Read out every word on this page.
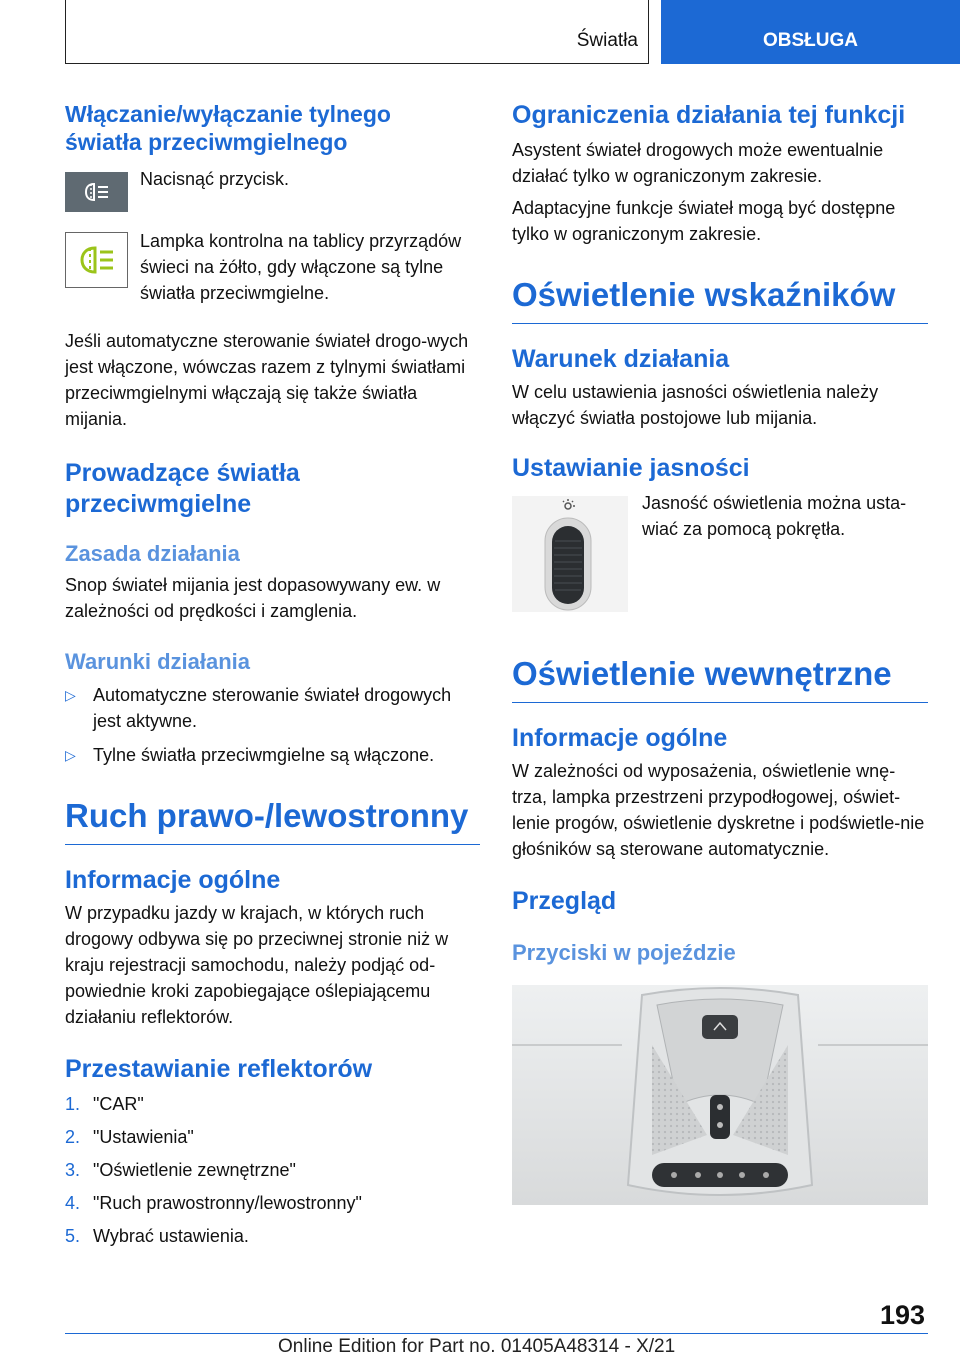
Światła	OBSŁUGA
Włączanie/wyłączanie tylnego
światła przeciwmgielnego

Nacisnąć przycisk.

Lampka kontrolna na tablicy przyrządów świeci na żółto, gdy włączone są tylne światła przeciwmgielne.

Jeśli automatyczne sterowanie świateł drogo-wych jest włączone, wówczas razem z tylnymi światłami przeciwmgielnymi włączają się także światła mijania.

Prowadzące światła
przeciwmgielne
Zasada działania

Snop świateł mijania jest dopasowywany ew. w zależności od prędkości i zamglenia.

Warunki działania
▷ Automatyczne sterowanie świateł drogowych jest aktywne.
▷ Tylne światła przeciwmgielne są włączone.
Ruch prawo-/lewostronny
Informacje ogólne

W przypadku jazdy w krajach, w których ruch drogowy odbywa się po przeciwnej stronie niż w kraju rejestracji samochodu, należy podjąć od-powiednie kroki zapobiegające oślepiającemu działaniu reflektorów.

Przestawianie reflektorów
1. "CAR"
2. "Ustawienia"
3. "Oświetlenie zewnętrzne"
4. "Ruch prawostronny/lewostronny"
5. Wybrać ustawienia.
Ograniczenia działania tej funkcji

Asystent świateł drogowych może ewentualnie działać tylko w ograniczonym zakresie.

Adaptacyjne funkcje świateł mogą być dostępne tylko w ograniczonym zakresie.

Oświetlenie wskaźników
Warunek działania

W celu ustawienia jasności oświetlenia należy włączyć światła postojowe lub mijania.

Ustawianie jasności

Jasność oświetlenia można usta-wiać za pomocą pokrętła.

Oświetlenie wewnętrzne
Informacje ogólne

W zależności od wyposażenia, oświetlenie wnę-trza, lampka przestrzeni przypodłogowej, oświet-lenie progów, oświetlenie dyskretne i podświetle-nie głośników są sterowane automatycznie.

Przegląd
Przyciski w pojeździe
193
Online Edition for Part no. 01405A48314 - X/21
